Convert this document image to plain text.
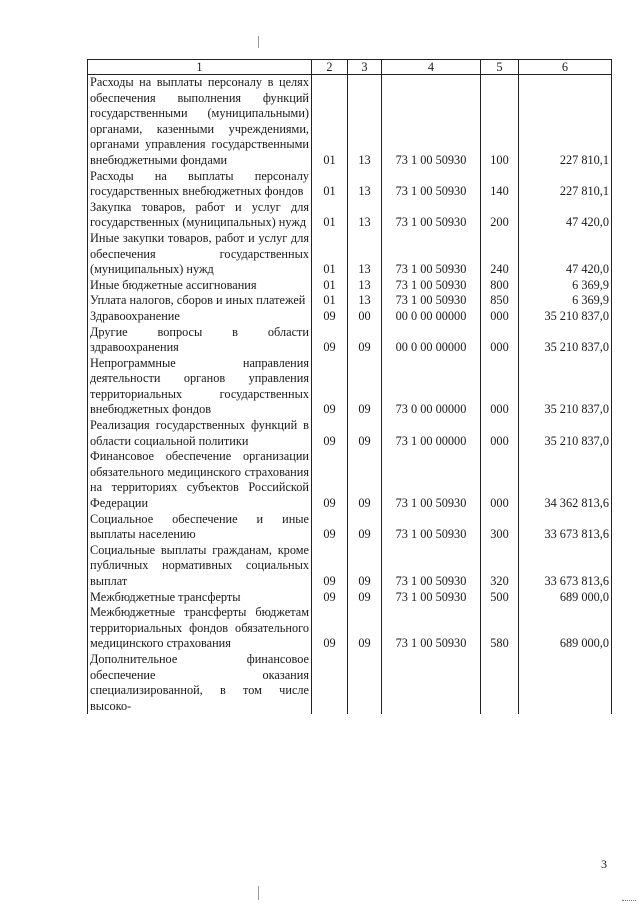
1	2	3	4	5	6
Расходы на выплаты персоналу в целях обеспечения выполнения функций государственными (муниципальными) органами, казенными учреждениями, органами управления государственными внебюджетными фондами	01	13	73 1 00 50930	100	227 810,1
Расходы на выплаты персоналу государственных внебюджетных фондов	01	13	73 1 00 50930	140	227 810,1
Закупка товаров, работ и услуг для государственных (муниципальных) нужд	01	13	73 1 00 50930	200	47 420,0
Иные закупки товаров, работ и услуг для обеспечения государственных (муниципальных) нужд	01	13	73 1 00 50930	240	47 420,0
Иные бюджетные ассигнования	01	13	73 1 00 50930	800	6 369,9
Уплата налогов, сборов и иных платежей	01	13	73 1 00 50930	850	6 369,9
Здравоохранение	09	00	00 0 00 00000	000	35 210 837,0
Другие вопросы в области здравоохранения	09	09	00 0 00 00000	000	35 210 837,0
Непрограммные направления деятельности органов управления территориальных государственных внебюджетных фондов	09	09	73 0 00 00000	000	35 210 837,0
Реализация государственных функций в области социальной политики	09	09	73 1 00 00000	000	35 210 837,0
Финансовое обеспечение организации обязательного медицинского страхования на территориях субъектов Российской Федерации	09	09	73 1 00 50930	000	34 362 813,6
Социальное обеспечение и иные выплаты населению	09	09	73 1 00 50930	300	33 673 813,6
Социальные выплаты гражданам, кроме публичных нормативных социальных выплат	09	09	73 1 00 50930	320	33 673 813,6
Межбюджетные трансферты	09	09	73 1 00 50930	500	689 000,0
Межбюджетные трансферты бюджетам территориальных фондов обязательного медицинского страхования	09	09	73 1 00 50930	580	689 000,0
Дополнительное финансовое обеспечение оказания специализированной, в том числе высоко-					
3
